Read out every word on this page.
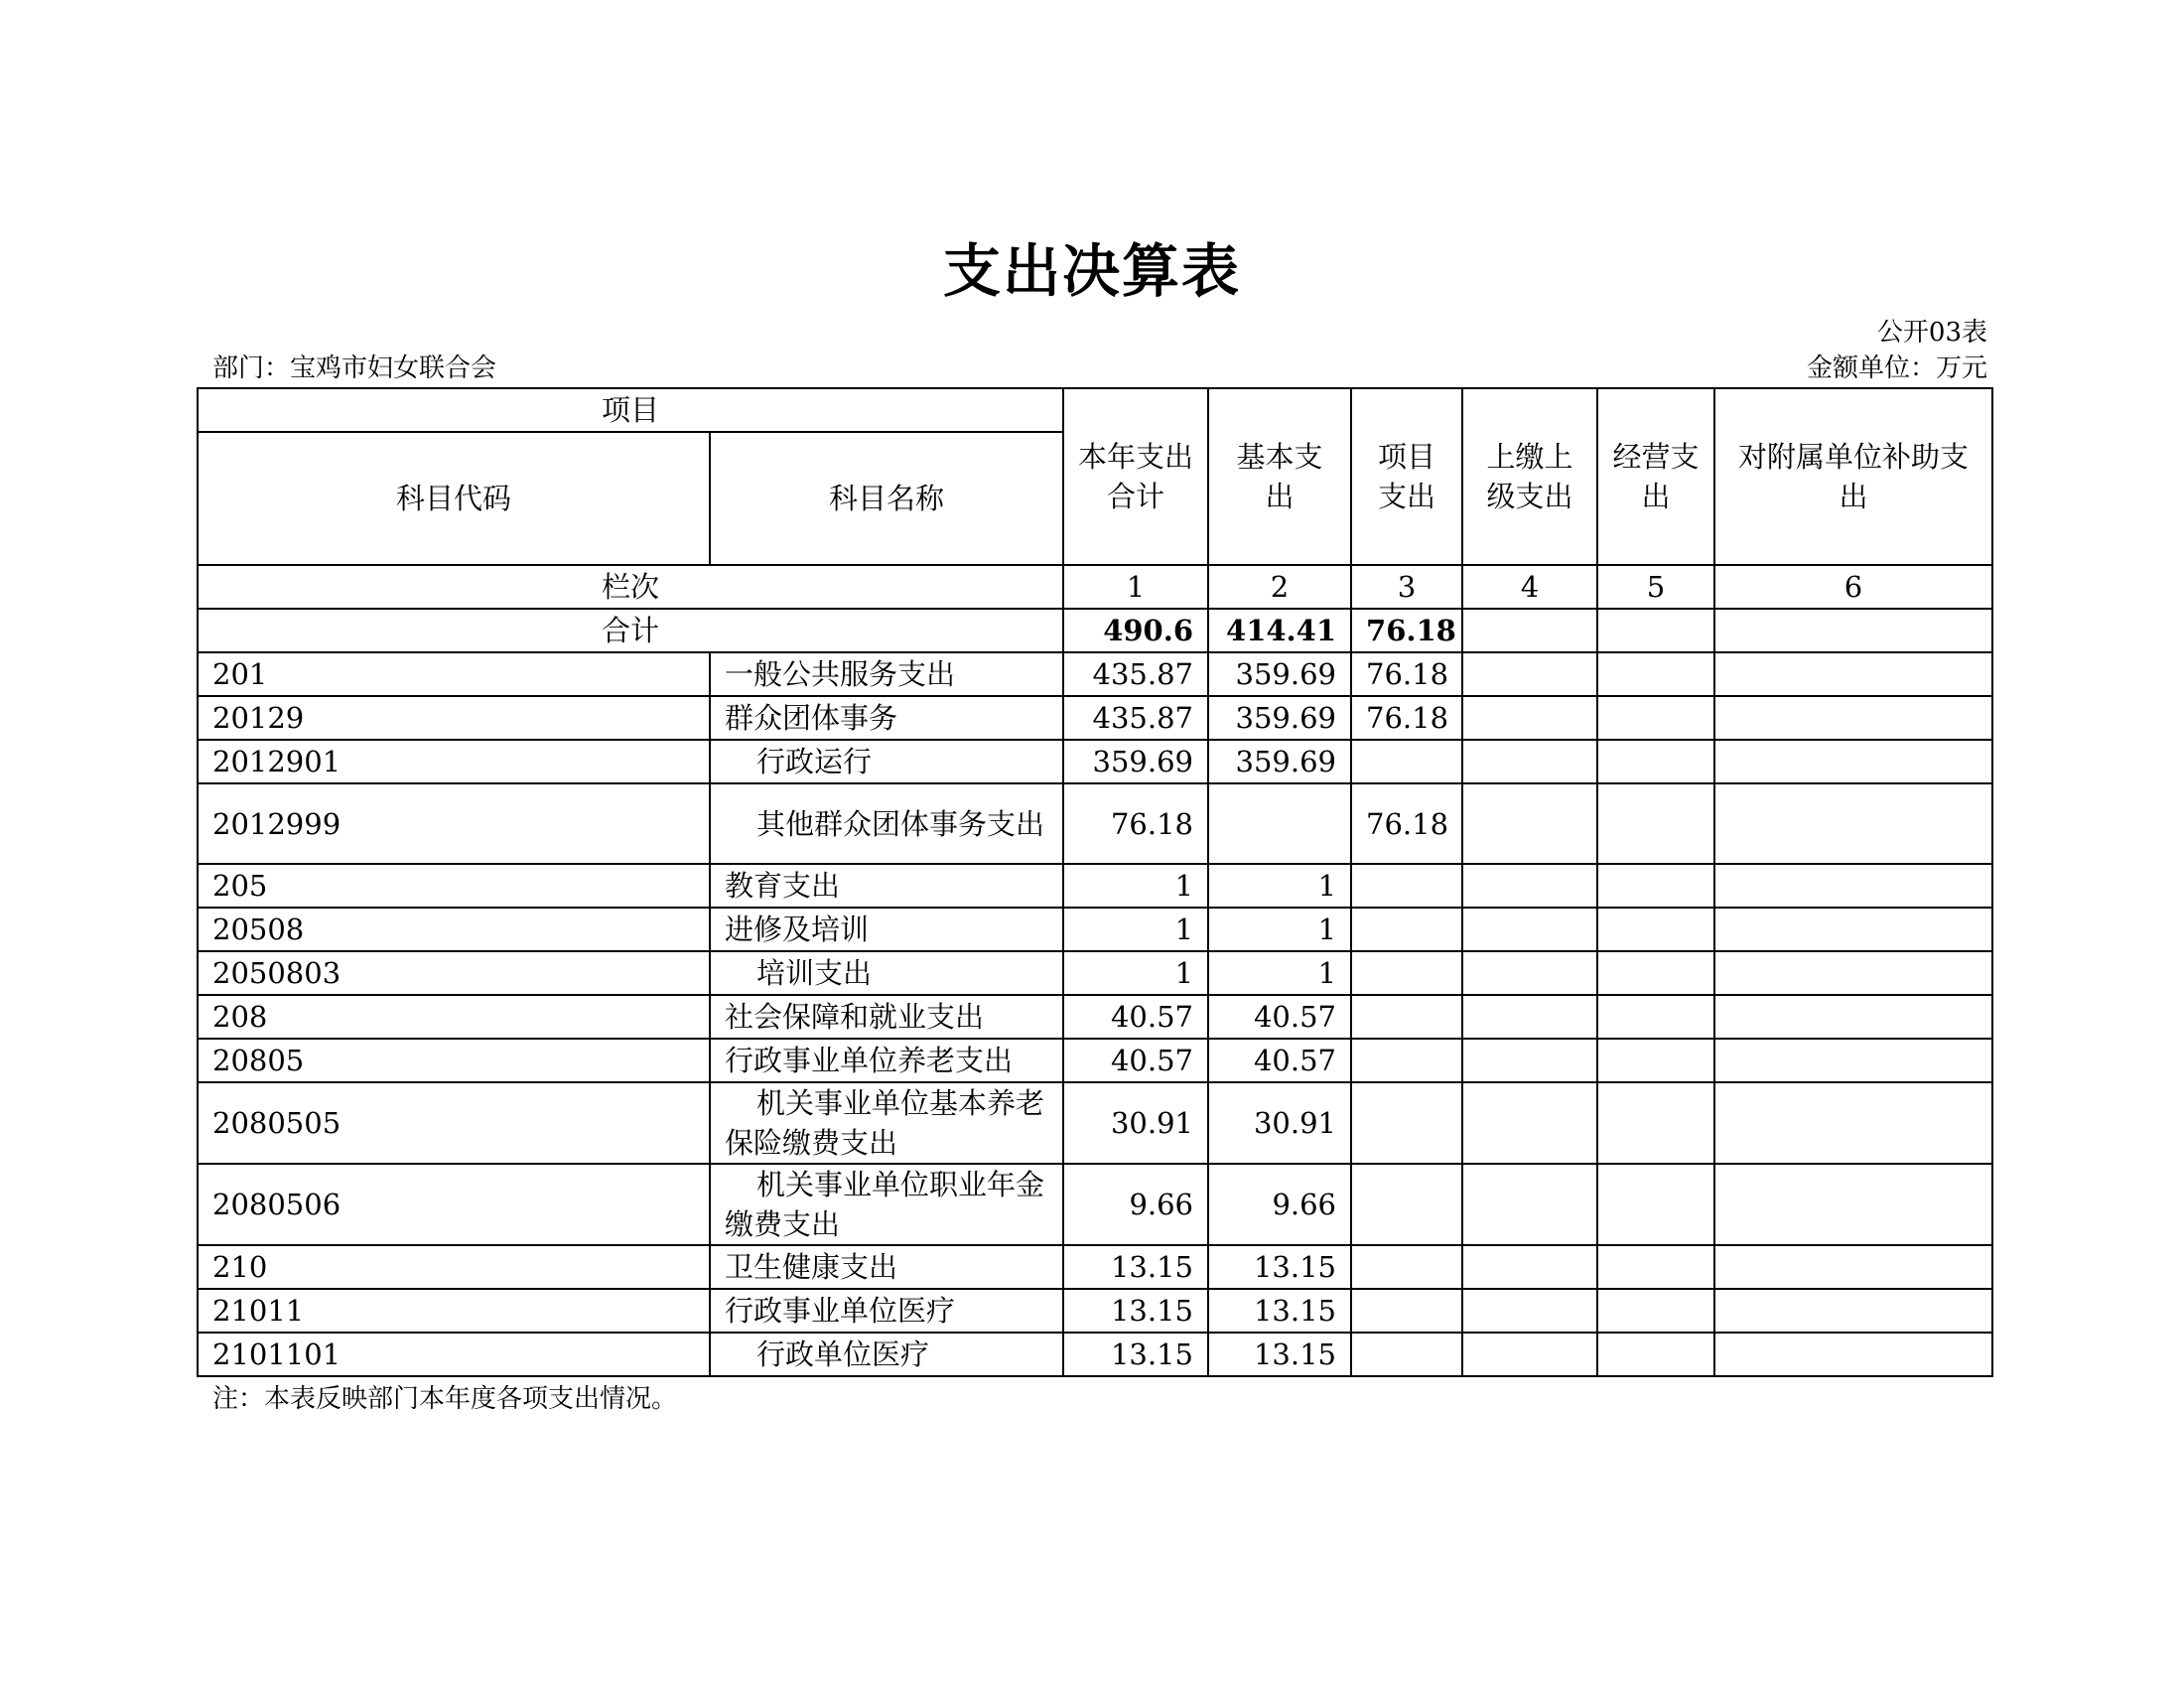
支出决算表
公开03表
部门：宝鸡市妇女联合会	金额单位：万元
项目		本年支出合计	基本支出	项目支出	上缴上级支出	经营支出	对附属单位补助支出
科目代码	科目名称						
栏次		1	2	3	4	5	6
合计		490.6	414.41	76.18			
201	一般公共服务支出	435.87	359.69	76.18			
20129	群众团体事务	435.87	359.69	76.18			
2012901	行政运行	359.69	359.69				
2012999	其他群众团体事务支出	76.18		76.18			
205	教育支出	1	1				
20508	进修及培训	1	1				
2050803	培训支出	1	1				
208	社会保障和就业支出	40.57	40.57				
20805	行政事业单位养老支出	40.57	40.57				
2080505	机关事业单位基本养老保险缴费支出	30.91	30.91				
2080506	机关事业单位职业年金缴费支出	9.66	9.66				
210	卫生健康支出	13.15	13.15				
21011	行政事业单位医疗	13.15	13.15				
2101101	行政单位医疗	13.15	13.15				
注：本表反映部门本年度各项支出情况。
